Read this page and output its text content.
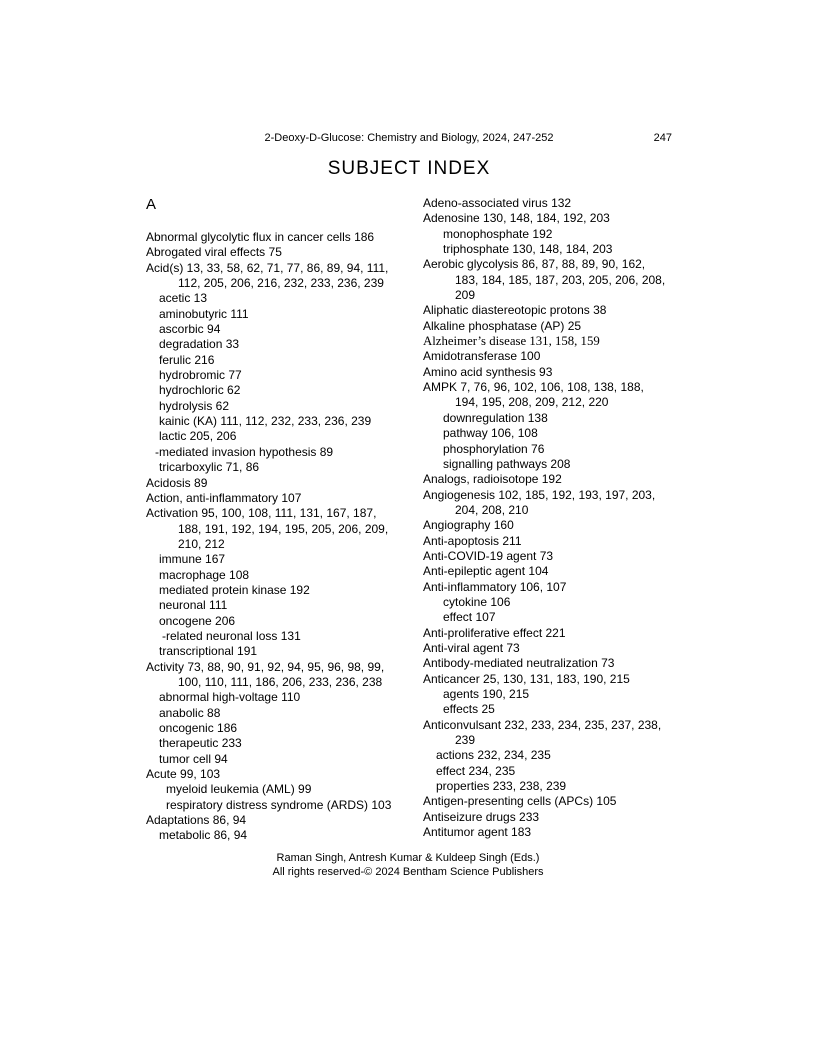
2-Deoxy-D-Glucose: Chemistry and Biology, 2024, 247-252	247
SUBJECT INDEX
A
Abnormal glycolytic flux in cancer cells 186
Abrogated viral effects 75
Acid(s) 13, 33, 58, 62, 71, 77, 86, 89, 94, 111,
112, 205, 206, 216, 232, 233, 236, 239
acetic 13
aminobutyric 111
ascorbic 94
degradation 33
ferulic 216
hydrobromic 77
hydrochloric 62
hydrolysis 62
kainic (KA) 111, 112, 232, 233, 236, 239
lactic 205, 206
-mediated invasion hypothesis 89
tricarboxylic 71, 86
Acidosis 89
Action, anti-inflammatory 107
Activation 95, 100, 108, 111, 131, 167, 187,
188, 191, 192, 194, 195, 205, 206, 209,
210, 212
immune 167
macrophage 108
mediated protein kinase 192
neuronal 111
oncogene 206
-related neuronal loss 131
transcriptional 191
Activity 73, 88, 90, 91, 92, 94, 95, 96, 98, 99,
100, 110, 111, 186, 206, 233, 236, 238
abnormal high-voltage 110
anabolic 88
oncogenic 186
therapeutic 233
tumor cell 94
Acute 99, 103
myeloid leukemia (AML) 99
respiratory distress syndrome (ARDS) 103
Adaptations 86, 94
metabolic 86, 94
Adeno-associated virus 132
Adenosine 130, 148, 184, 192, 203
monophosphate 192
triphosphate 130, 148, 184, 203
Aerobic glycolysis 86, 87, 88, 89, 90, 162,
183, 184, 185, 187, 203, 205, 206, 208,
209
Aliphatic diastereotopic protons 38
Alkaline phosphatase (AP) 25
Alzheimer’s disease 131, 158, 159
Amidotransferase 100
Amino acid synthesis 93
AMPK 7, 76, 96, 102, 106, 108, 138, 188,
194, 195, 208, 209, 212, 220
downregulation 138
pathway 106, 108
phosphorylation 76
signalling pathways 208
Analogs, radioisotope 192
Angiogenesis 102, 185, 192, 193, 197, 203,
204, 208, 210
Angiography 160
Anti-apoptosis 211
Anti-COVID-19 agent 73
Anti-epileptic agent 104
Anti-inflammatory 106, 107
cytokine 106
effect 107
Anti-proliferative effect 221
Anti-viral agent 73
Antibody-mediated neutralization 73
Anticancer 25, 130, 131, 183, 190, 215
agents 190, 215
effects 25
Anticonvulsant 232, 233, 234, 235, 237, 238,
239
actions 232, 234, 235
effect 234, 235
properties 233, 238, 239
Antigen-presenting cells (APCs) 105
Antiseizure drugs 233
Antitumor agent 183
Raman Singh, Antresh Kumar & Kuldeep Singh (Eds.)
All rights reserved-© 2024 Bentham Science Publishers
